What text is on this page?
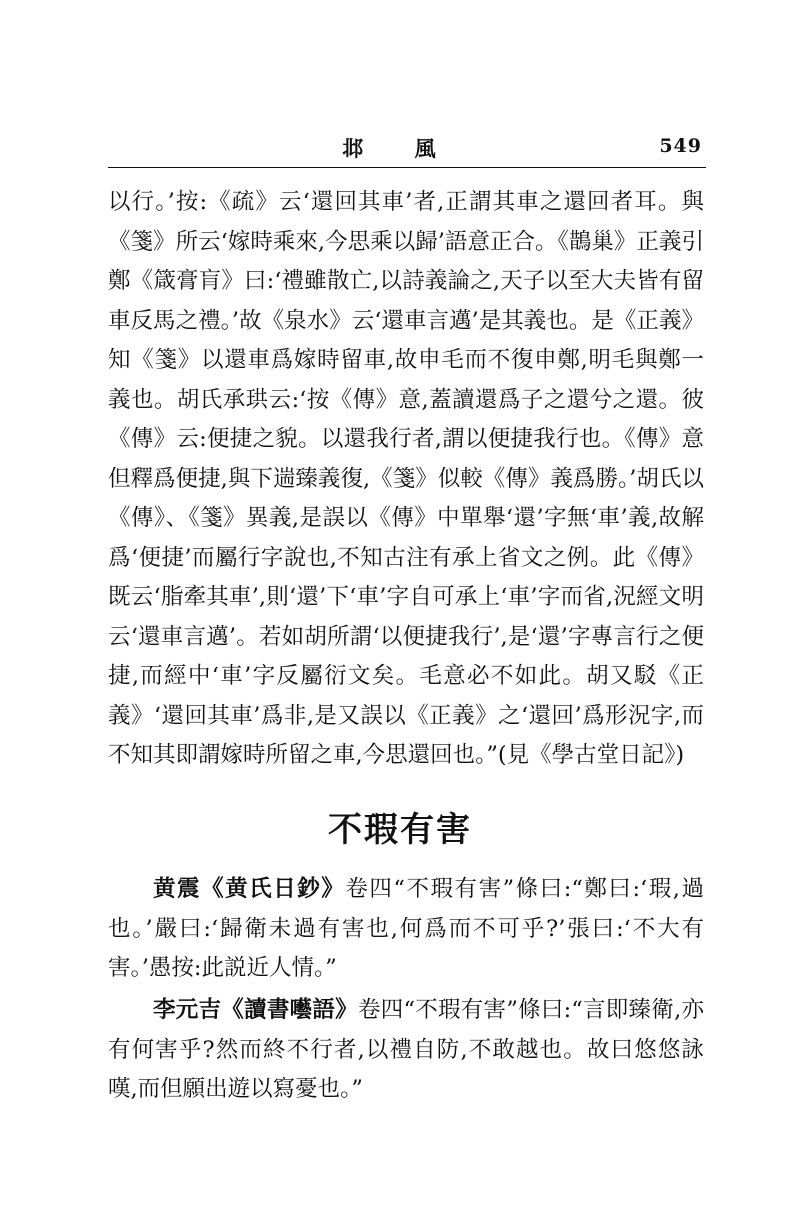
邶 風	549

以行。’按:《疏》云‘還回其車’者,正謂其車之還回者耳。與《箋》所云‘嫁時乘來,今思乘以歸’語意正合。《鵲巢》正義引鄭《箴膏肓》曰:‘禮雖散亡,以詩義論之,天子以至大夫皆有留車反馬之禮。’故《泉水》云‘還車言邁’是其義也。是《正義》知《箋》以還車爲嫁時留車,故申毛而不復申鄭,明毛與鄭一義也。胡氏承珙云:‘按《傳》意,蓋讀還爲子之還兮之還。彼《傳》云:便捷之貌。以還我行者,謂以便捷我行也。《傳》意但釋爲便捷,與下遄臻義復,《箋》似較《傳》義爲勝。’胡氏以《傳》、《箋》異義,是誤以《傳》中單舉‘還’字無‘車’義,故解爲‘便捷’而屬行字說也,不知古注有承上省文之例。此《傳》既云‘脂牽其車’,則‘還’下‘車’字自可承上‘車’字而省,況經文明云‘還車言邁’。若如胡所謂‘以便捷我行’,是‘還’字專言行之便捷,而經中‘車’字反屬衍文矣。毛意必不如此。胡又駁《正義》‘還回其車’爲非,是又誤以《正義》之‘還回’爲形況字,而不知其即謂嫁時所留之車,今思還回也。”(見《學古堂日記》)

不瑕有害

黄震《黄氏日鈔》卷四“不瑕有害”條曰:“鄭曰:‘瑕,過也。’嚴曰:‘歸衛未過有害也,何爲而不可乎?’張曰:‘不大有害。’愚按:此説近人情。”

李元吉《讀書囈語》卷四“不瑕有害”條曰:“言即臻衛,亦有何害乎?然而終不行者,以禮自防,不敢越也。故曰悠悠詠嘆,而但願出遊以寫憂也。”
